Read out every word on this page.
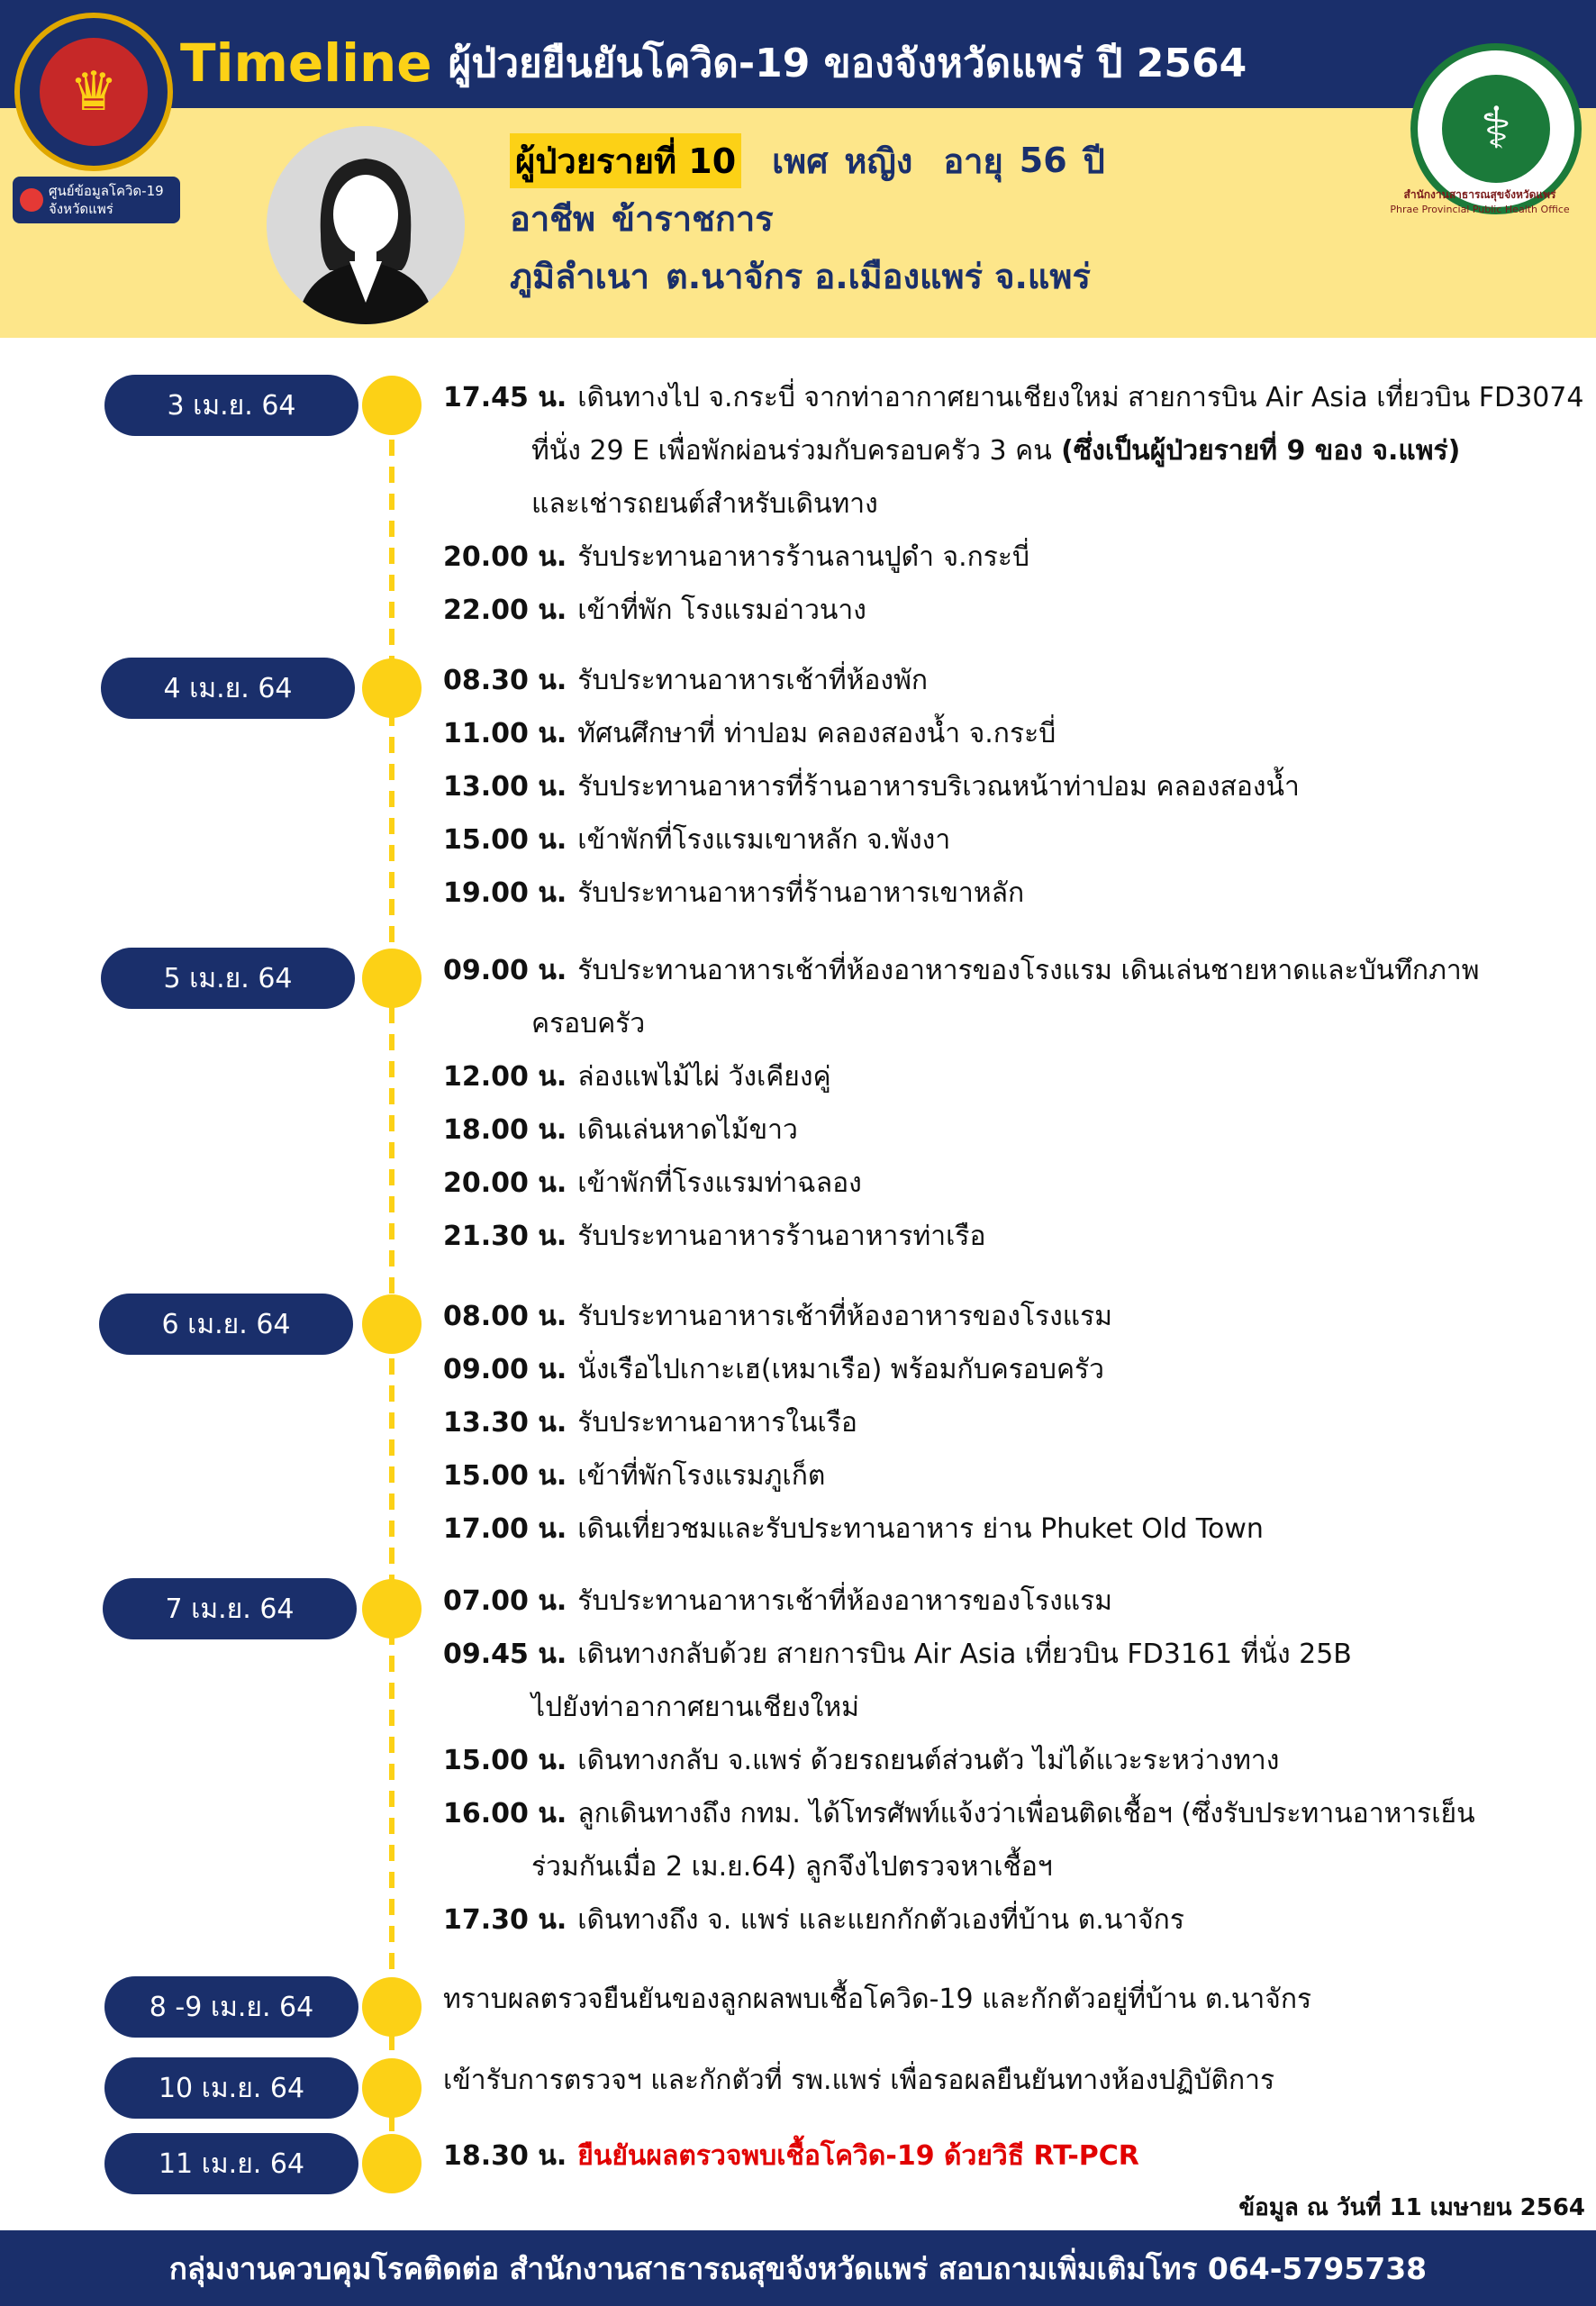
Timeline ผู้ป่วยยืนยันโควิด-19 ของจังหวัดแพร่ ปี 2564
♛
ศูนย์ข้อมูลโควิด-19 จังหวัดแพร่
⚕
สำนักงานสาธารณสุขจังหวัดแพร่
Phrae Provincial Public Health Office
ผู้ป่วยรายที่ 10 เพศ หญิง อายุ 56 ปี
อาชีพ ข้าราชการ
ภูมิลำเนา ต.นาจักร อ.เมืองแพร่ จ.แพร่
3 เม.ย. 64	17.45 น. เดินทางไป จ.กระบี่ จากท่าอากาศยานเชียงใหม่ สายการบิน Air Asia เที่ยวบิน FD3074
ที่นั่ง 29 E เพื่อพักผ่อนร่วมกับครอบครัว 3 คน (ซึ่งเป็นผู้ป่วยรายที่ 9 ของ จ.แพร่)
และเช่ารถยนต์สำหรับเดินทาง
20.00 น. รับประทานอาหารร้านลานปูดำ จ.กระบี่
22.00 น. เข้าที่พัก โรงแรมอ่าวนาง
4 เม.ย. 64	08.30 น. รับประทานอาหารเช้าที่ห้องพัก
11.00 น. ทัศนศึกษาที่ ท่าปอม คลองสองน้ำ จ.กระบี่
13.00 น. รับประทานอาหารที่ร้านอาหารบริเวณหน้าท่าปอม คลองสองน้ำ
15.00 น. เข้าพักที่โรงแรมเขาหลัก จ.พังงา
19.00 น. รับประทานอาหารที่ร้านอาหารเขาหลัก
5 เม.ย. 64	09.00 น. รับประทานอาหารเช้าที่ห้องอาหารของโรงแรม เดินเล่นชายหาดและบันทึกภาพ
ครอบครัว
12.00 น. ล่องแพไม้ไผ่ วังเคียงคู่
18.00 น. เดินเล่นหาดไม้ขาว
20.00 น. เข้าพักที่โรงแรมท่าฉลอง
21.30 น. รับประทานอาหารร้านอาหารท่าเรือ
6 เม.ย. 64	08.00 น. รับประทานอาหารเช้าที่ห้องอาหารของโรงแรม
09.00 น. นั่งเรือไปเกาะเฮ(เหมาเรือ) พร้อมกับครอบครัว
13.30 น. รับประทานอาหารในเรือ
15.00 น. เข้าที่พักโรงแรมภูเก็ต
17.00 น. เดินเที่ยวชมและรับประทานอาหาร ย่าน Phuket Old Town
7 เม.ย. 64	07.00 น. รับประทานอาหารเช้าที่ห้องอาหารของโรงแรม
09.45 น. เดินทางกลับด้วย สายการบิน Air Asia เที่ยวบิน FD3161 ที่นั่ง 25B
ไปยังท่าอากาศยานเชียงใหม่
15.00 น. เดินทางกลับ จ.แพร่ ด้วยรถยนต์ส่วนตัว ไม่ได้แวะระหว่างทาง
16.00 น. ลูกเดินทางถึง กทม. ได้โทรศัพท์แจ้งว่าเพื่อนติดเชื้อฯ (ซึ่งรับประทานอาหารเย็น
ร่วมกันเมื่อ 2 เม.ย.64) ลูกจึงไปตรวจหาเชื้อฯ
17.30 น. เดินทางถึง จ. แพร่ และแยกกักตัวเองที่บ้าน ต.นาจักร
8 -9 เม.ย. 64	ทราบผลตรวจยืนยันของลูกผลพบเชื้อโควิด-19 และกักตัวอยู่ที่บ้าน ต.นาจักร
10 เม.ย. 64	เข้ารับการตรวจฯ และกักตัวที่ รพ.แพร่ เพื่อรอผลยืนยันทางห้องปฏิบัติการ
11 เม.ย. 64	18.30 น. ยืนยันผลตรวจพบเชื้อโควิด-19 ด้วยวิธี RT-PCR
ข้อมูล ณ วันที่ 11 เมษายน 2564
กลุ่มงานควบคุมโรคติดต่อ สำนักงานสาธารณสุขจังหวัดแพร่ สอบถามเพิ่มเติมโทร 064-5795738
